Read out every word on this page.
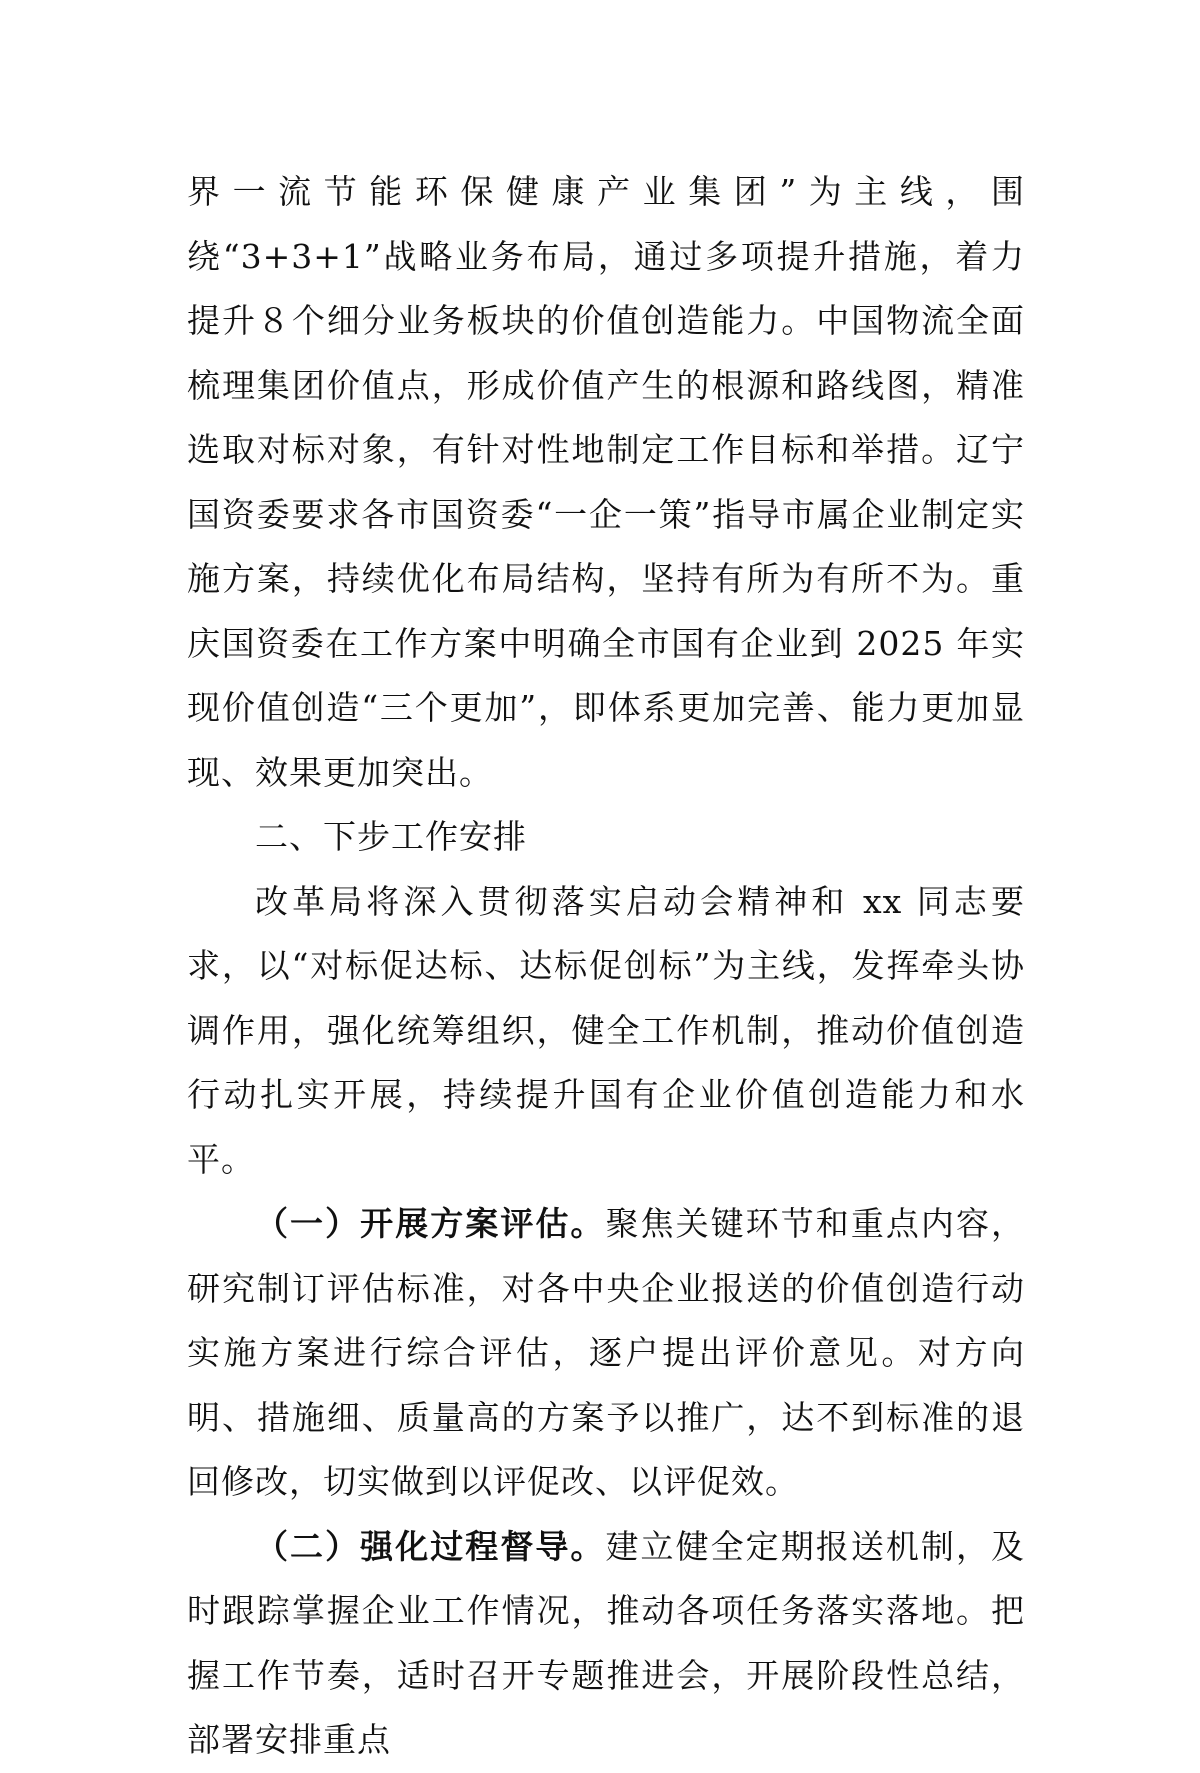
界一流节能环保健康产业集团”为主线，围绕“3+3+1”战略业务布局，通过多项提升措施，着力提升８个细分业务板块的价值创造能力。中国物流全面梳理集团价值点，形成价值产生的根源和路线图，精准选取对标对象，有针对性地制定工作目标和举措。辽宁国资委要求各市国资委“一企一策”指导市属企业制定实施方案，持续优化布局结构，坚持有所为有所不为。重庆国资委在工作方案中明确全市国有企业到 2025 年实现价值创造“三个更加”，即体系更加完善、能力更加显现、效果更加突出。

二、下步工作安排

改革局将深入贯彻落实启动会精神和 xx 同志要求，以“对标促达标、达标促创标”为主线，发挥牵头协调作用，强化统筹组织，健全工作机制，推动价值创造行动扎实开展，持续提升国有企业价值创造能力和水平。

（一）开展方案评估。聚焦关键环节和重点内容，研究制订评估标准，对各中央企业报送的价值创造行动实施方案进行综合评估，逐户提出评价意见。对方向明、措施细、质量高的方案予以推广，达不到标准的退回修改，切实做到以评促改、以评促效。

（二）强化过程督导。建立健全定期报送机制，及时跟踪掌握企业工作情况，推动各项任务落实落地。把握工作节奏，适时召开专题推进会，开展阶段性总结，部署安排重点
